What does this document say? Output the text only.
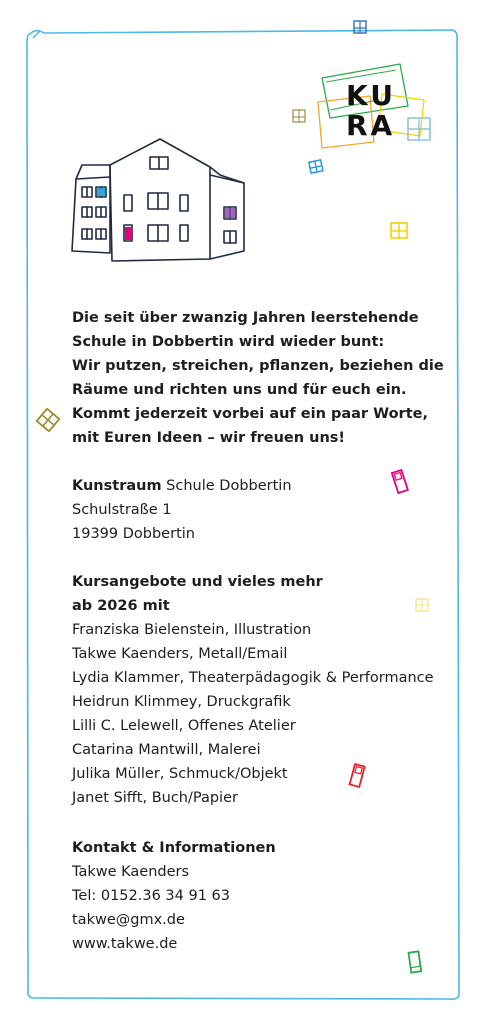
KU
RA
Die seit über zwanzig Jahren leerstehende
Schule in Dobbertin wird wieder bunt:
Wir putzen, streichen, pflanzen, beziehen die
Räume und richten uns und für euch ein.
Kommt jederzeit vorbei auf ein paar Worte,
mit Euren Ideen – wir freuen uns!
Kunstraum Schule Dobbertin
Schulstraße 1
19399 Dobbertin
Kursangebote und vieles mehr
ab 2026 mit
Franziska Bielenstein, Illustration
Takwe Kaenders, Metall/Email
Lydia Klammer, Theaterpädagogik & Performance
Heidrun Klimmey, Druckgrafik
Lilli C. Lelewell, Offenes Atelier
Catarina Mantwill, Malerei
Julika Müller, Schmuck/Objekt
Janet Sifft, Buch/Papier
Kontakt & Informationen
Takwe Kaenders
Tel: 0152.36 34 91 63
takwe@gmx.de
www.takwe.de
